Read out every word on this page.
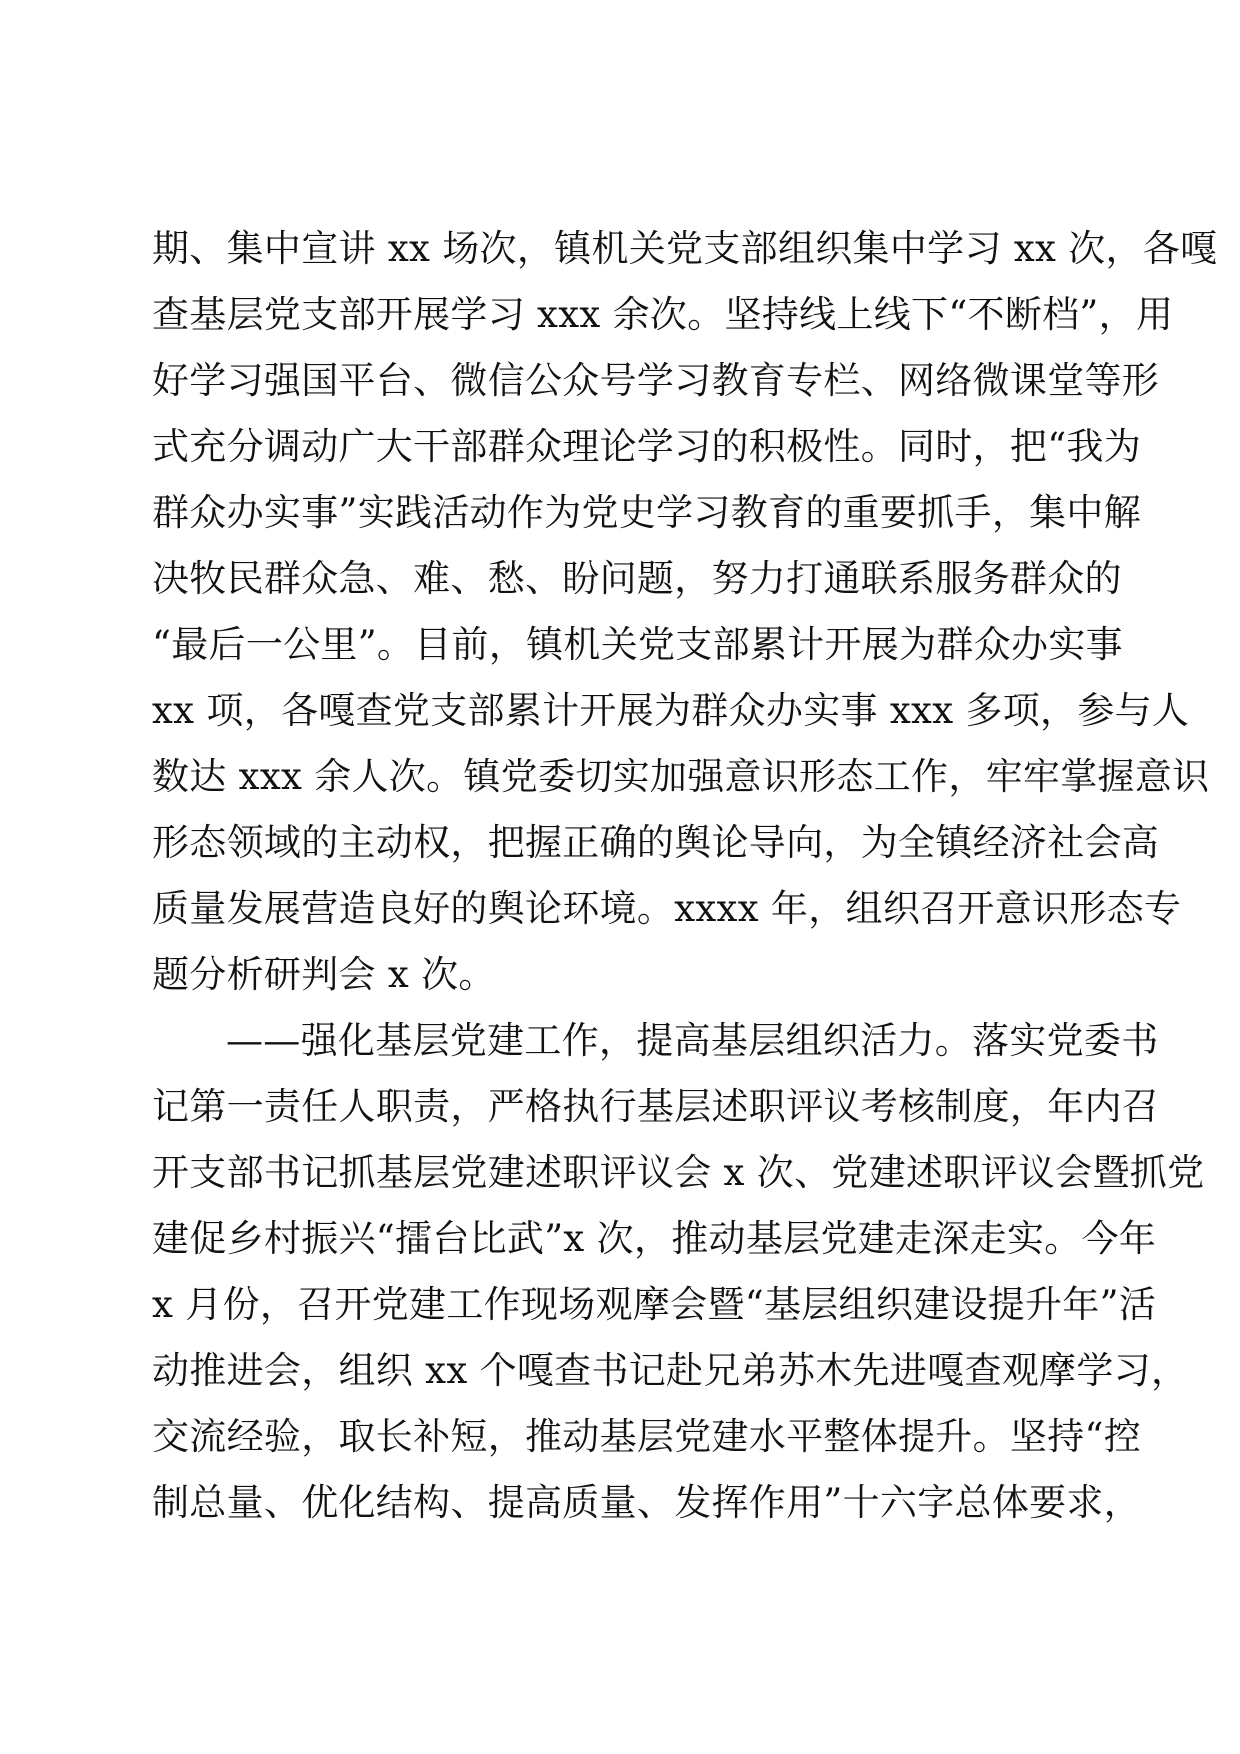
期、集中宣讲 xx 场次，镇机关党支部组织集中学习 xx 次，各嘎
查基层党支部开展学习 xxx 余次。坚持线上线下“不断档”，用
好学习强国平台、微信公众号学习教育专栏、网络微课堂等形
式充分调动广大干部群众理论学习的积极性。同时，把“我为
群众办实事”实践活动作为党史学习教育的重要抓手，集中解
决牧民群众急、难、愁、盼问题，努力打通联系服务群众的
“最后一公里”。目前，镇机关党支部累计开展为群众办实事
xx 项，各嘎查党支部累计开展为群众办实事 xxx 多项，参与人
数达 xxx 余人次。镇党委切实加强意识形态工作，牢牢掌握意识
形态领域的主动权，把握正确的舆论导向，为全镇经济社会高
质量发展营造良好的舆论环境。xxxx 年，组织召开意识形态专
题分析研判会 x 次。
——强化基层党建工作，提高基层组织活力。落实党委书
记第一责任人职责，严格执行基层述职评议考核制度，年内召
开支部书记抓基层党建述职评议会 x 次、党建述职评议会暨抓党
建促乡村振兴“擂台比武”x 次，推动基层党建走深走实。今年
x 月份，召开党建工作现场观摩会暨“基层组织建设提升年”活
动推进会，组织 xx 个嘎查书记赴兄弟苏木先进嘎查观摩学习，
交流经验，取长补短，推动基层党建水平整体提升。坚持“控
制总量、优化结构、提高质量、发挥作用”十六字总体要求，
